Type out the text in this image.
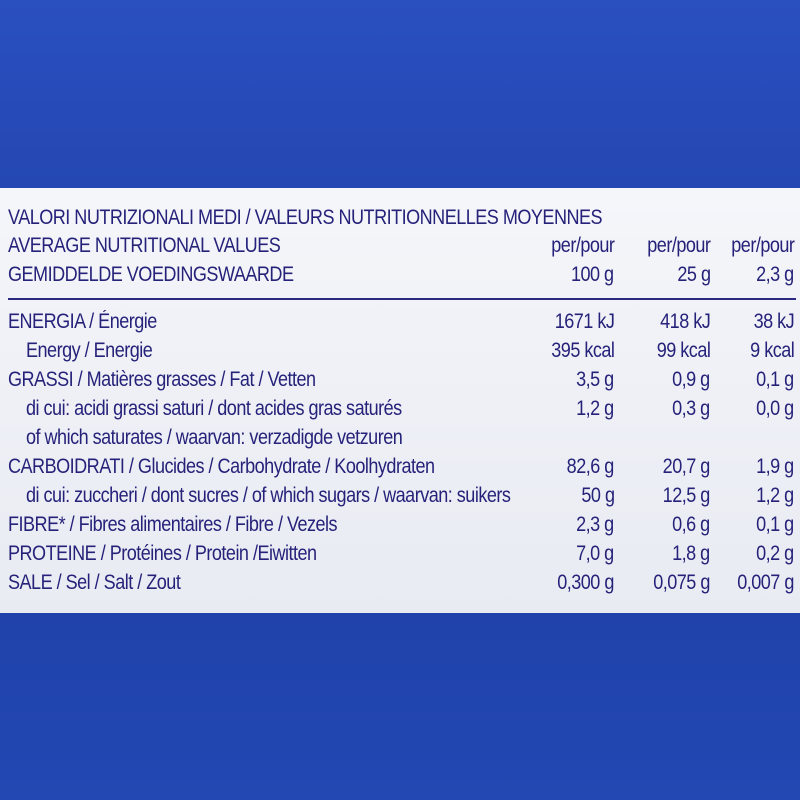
VALORI NUTRIZIONALI MEDI / VALEURS NUTRITIONNELLES MOYENNES
AVERAGE NUTRITIONAL VALUES
GEMIDDELDE VOEDINGSWAARDE
per/pour per/pour per/pour
100 g	25 g 2,3 g
ENERGIA / Énergie	1671 kJ 418 kJ 38 kJ
Energy / Energie	395 kcal 99 kcal 9 kcal
GRASSI / Matières grasses / Fat / Vetten	3,5 g	0,9 g 0,1 g
di cui: acidi grassi saturi / dont acides gras saturés	1,2 g	0,3 g 0,0 g
of which saturates / waarvan: verzadigde vetzuren
CARBOIDRATI / Glucides / Carbohydrate / Koolhydraten	82,6 g 20,7 g 1,9 g
di cui: zuccheri / dont sucres / of which sugars / waarvan: suikers	50 g 12,5 g 1,2 g
FIBRE* / Fibres alimentaires / Fibre / Vezels	2,3 g	0,6 g 0,1 g
PROTEINE / Protéines / Protein /Eiwitten	7,0 g	1,8 g 0,2 g
SALE / Sel / Salt / Zout	0,300 g 0,075 g 0,007 g
